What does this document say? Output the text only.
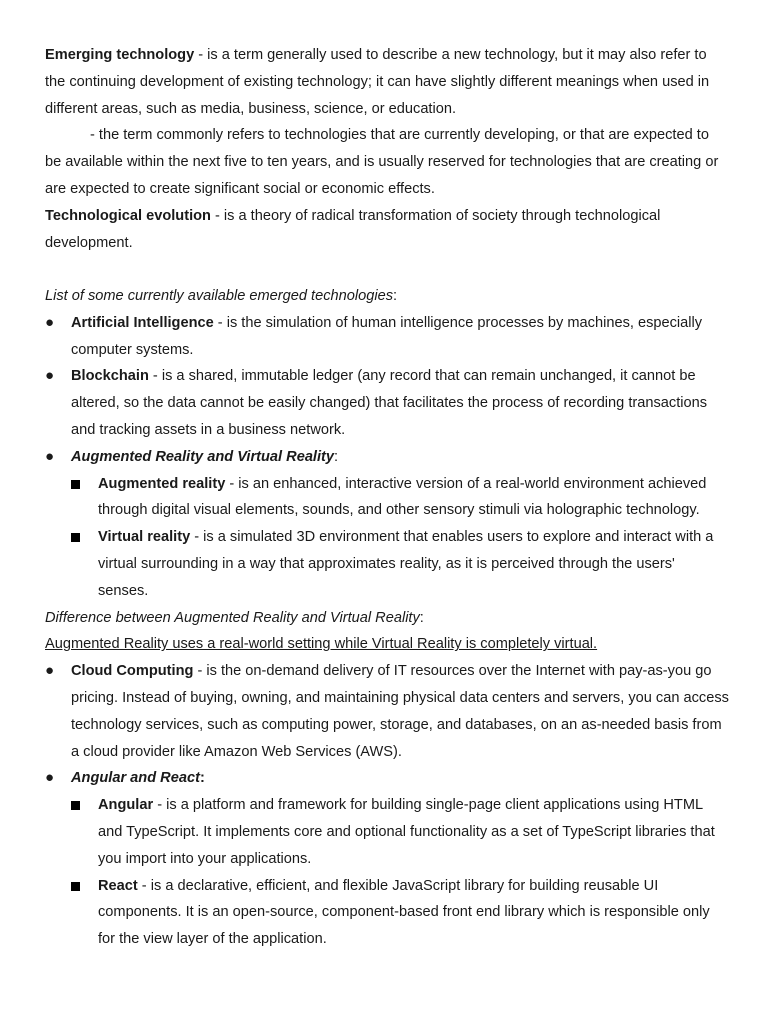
Emerging technology - is a term generally used to describe a new technology, but it may also refer to the continuing development of existing technology; it can have slightly different meanings when used in different areas, such as media, business, science, or education.

- the term commonly refers to technologies that are currently developing, or that are expected to be available within the next five to ten years, and is usually reserved for technologies that are creating or are expected to create significant social or economic effects.

Technological evolution - is a theory of radical transformation of society through technological development.

List of some currently available emerged technologies:

● Artificial Intelligence - is the simulation of human intelligence processes by machines, especially computer systems.

● Blockchain - is a shared, immutable ledger (any record that can remain unchanged, it cannot be altered, so the data cannot be easily changed) that facilitates the process of recording transactions and tracking assets in a business network.

● Augmented Reality and Virtual Reality:

Augmented reality - is an enhanced, interactive version of a real-world environment achieved through digital visual elements, sounds, and other sensory stimuli via holographic technology.

Virtual reality - is a simulated 3D environment that enables users to explore and interact with a virtual surrounding in a way that approximates reality, as it is perceived through the users' senses.

Difference between Augmented Reality and Virtual Reality:

Augmented Reality uses a real-world setting while Virtual Reality is completely virtual.

● Cloud Computing - is the on-demand delivery of IT resources over the Internet with pay-as-you go pricing. Instead of buying, owning, and maintaining physical data centers and servers, you can access technology services, such as computing power, storage, and databases, on an as-needed basis from a cloud provider like Amazon Web Services (AWS).

● Angular and React:

Angular - is a platform and framework for building single-page client applications using HTML and TypeScript. It implements core and optional functionality as a set of TypeScript libraries that you import into your applications.

React - is a declarative, efficient, and flexible JavaScript library for building reusable UI components. It is an open-source, component-based front end library which is responsible only for the view layer of the application.
